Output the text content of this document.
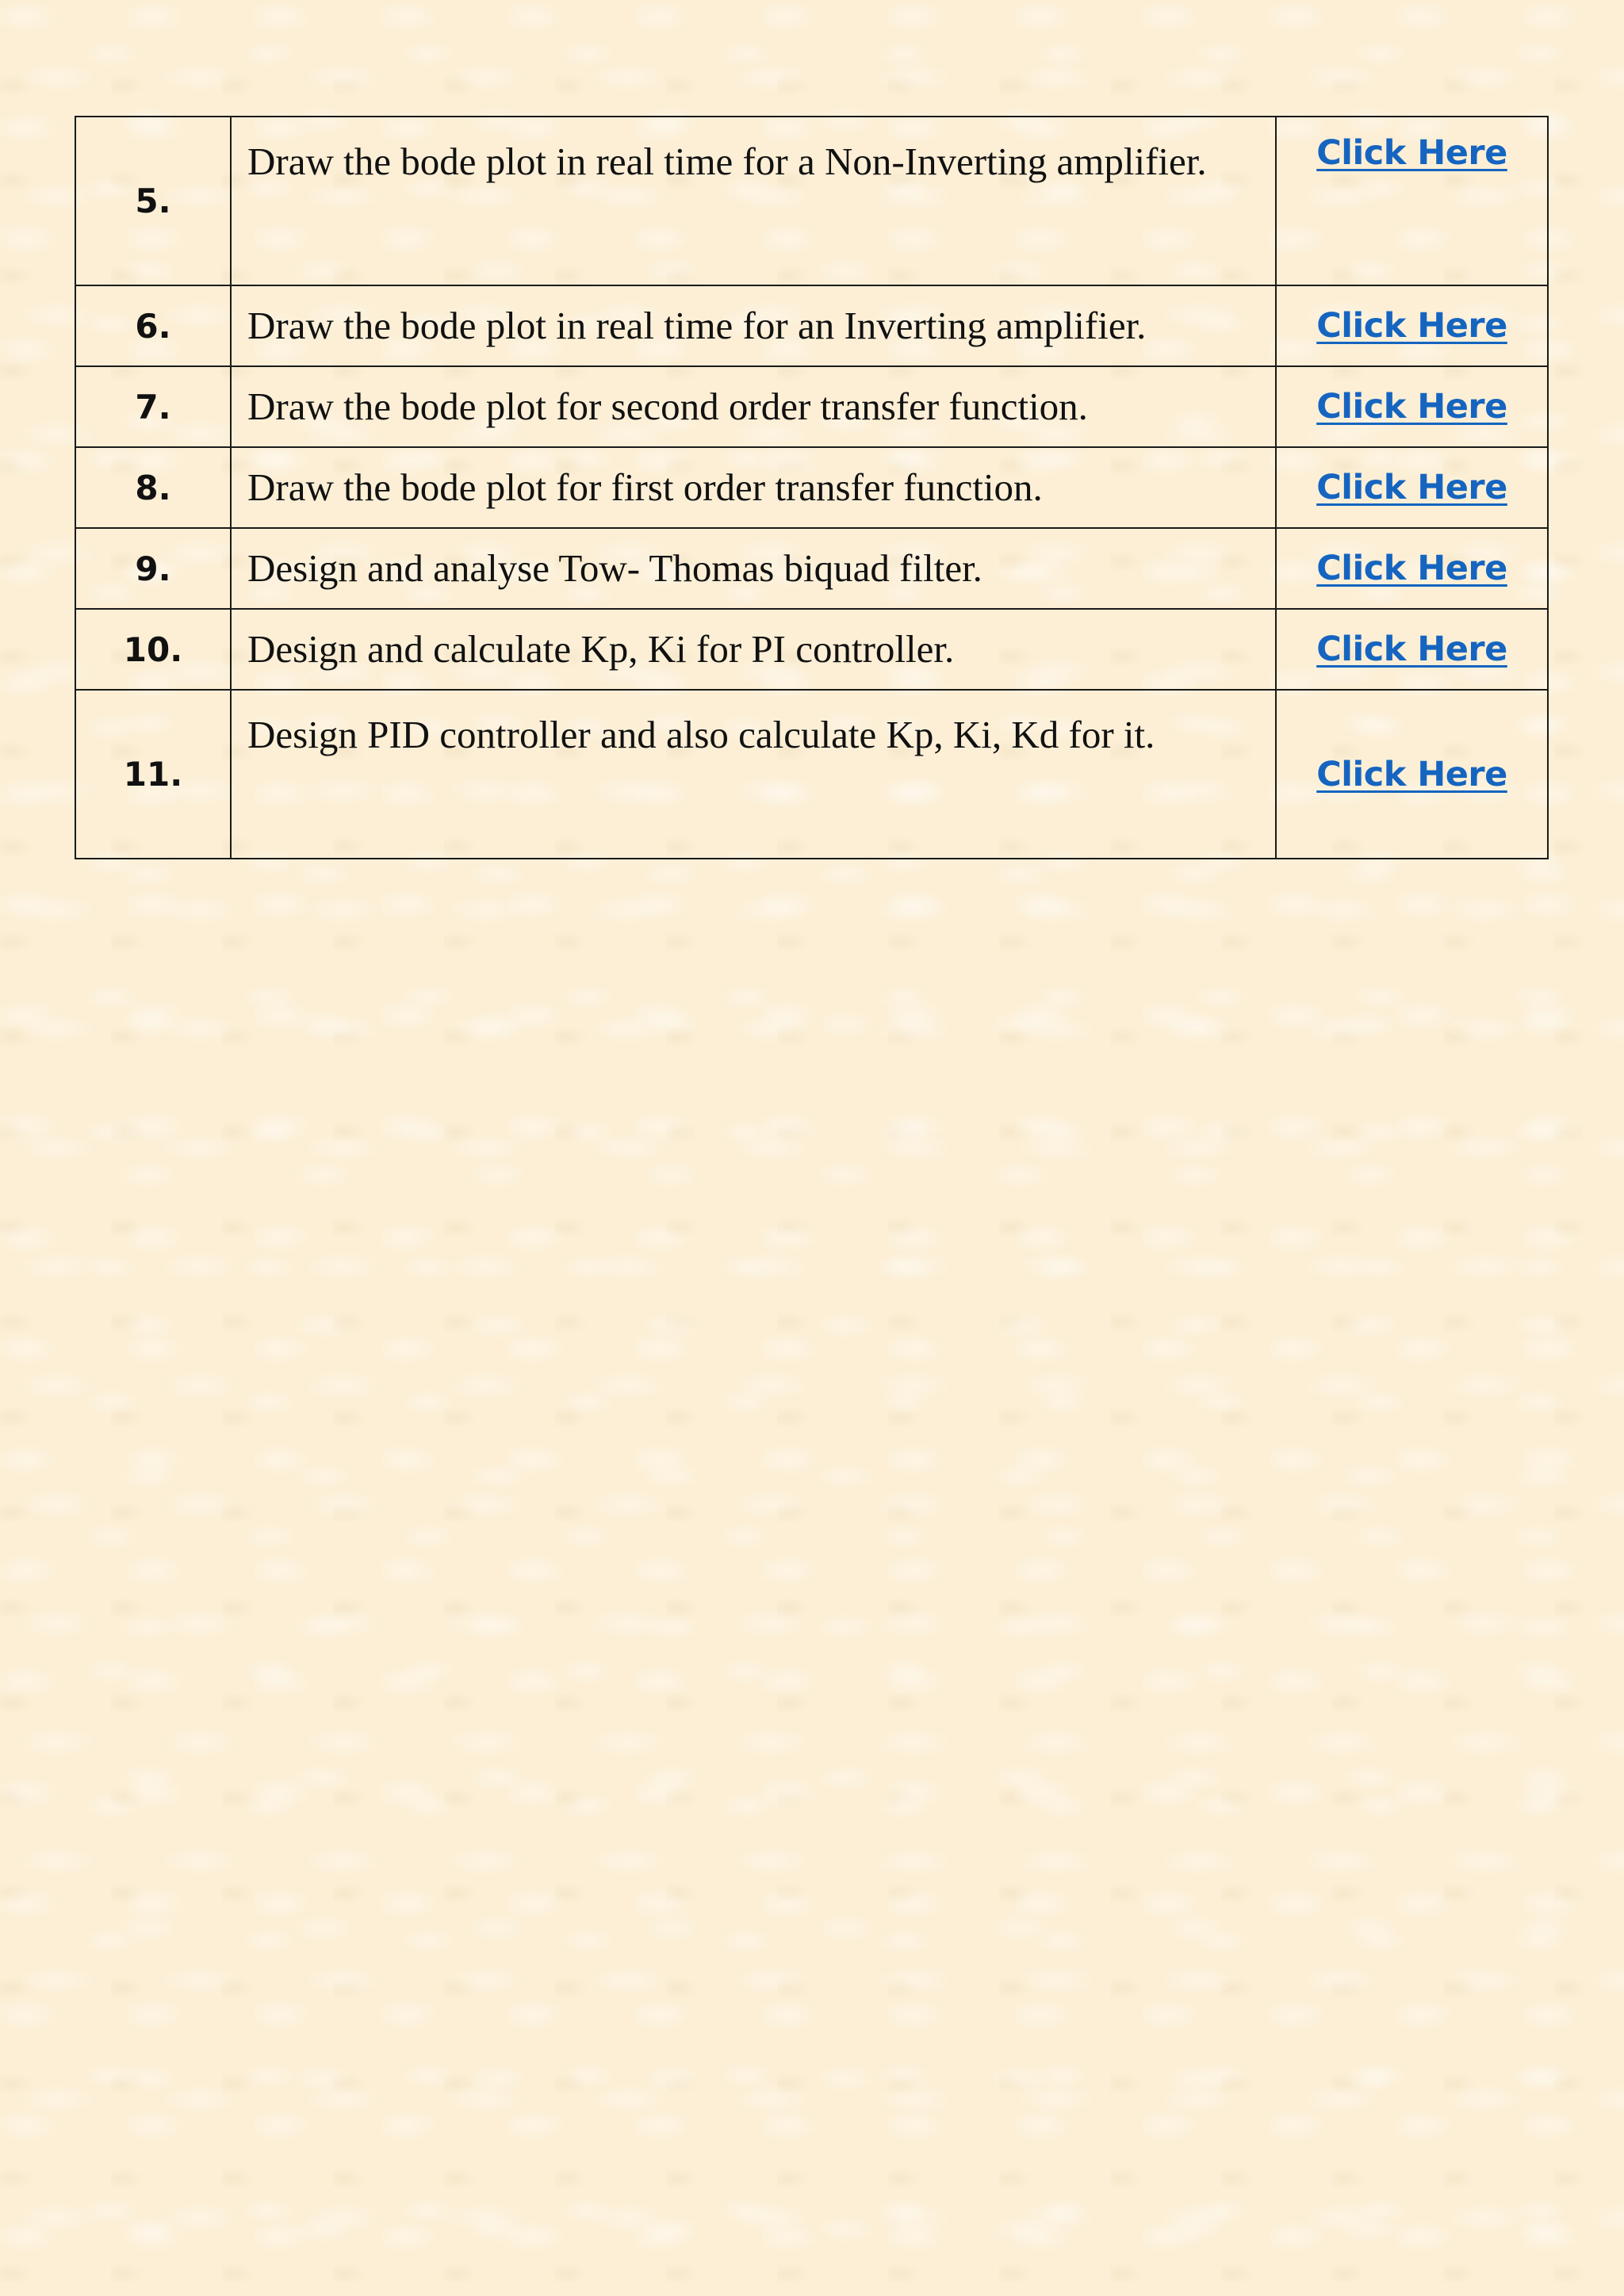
5.	Draw the bode plot in real time for a Non-Inverting amplifier.	Click Here
6.	Draw the bode plot in real time for an Inverting amplifier.	Click Here
7.	Draw the bode plot for second order transfer function.	Click Here
8.	Draw the bode plot for first order transfer function.	Click Here
9.	Design and analyse Tow- Thomas biquad filter.	Click Here
10.	Design and calculate Kp, Ki for PI controller.	Click Here
11.	Design PID controller and also calculate Kp, Ki, Kd for it.	Click Here
